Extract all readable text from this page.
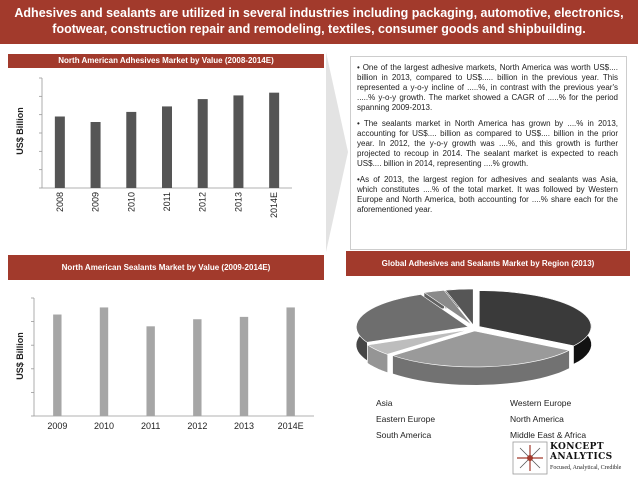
Adhesives and sealants are utilized in several industries including packaging, automotive, electronics,
footwear, construction repair and remodeling, textiles, consumer goods and shipbuilding.
North American Adhesives Market by Value (2008-2014E)
US$ Billion
2008	2009	2010	2011	2012	2013	2014E

• One of the largest adhesive markets, North America was worth US$.... billion in 2013, compared to US$..... billion in the previous year. This represented a y-o-y incline of .....%, in contrast with the previous year's .....% y-o-y growth. The market showed a CAGR of .....% for the period spanning 2009-2013.

• The sealants market in North America has grown by ....% in 2013, accounting for US$.... billion as compared to US$.... billion in the prior year. In 2012, the y-o-y growth was ....%, and this growth is further projected to recoup in 2014. The sealant market is expected to reach US$.... billion in 2014, representing ....% growth.

•As of 2013, the largest region for adhesives and sealants was Asia, which constitutes ....% of the total market. It was followed by Western Europe and North America, both accounting for ....% share each for the aforementioned year.

North American Sealants Market by Value (2009-2014E)
US$ Billion
2009	2010	2011	2012	2013	2014E
Global Adhesives and Sealants Market by Region (2013)
Asia	Western Europe
Eastern Europe	North America
South America	Middle East & Africa
KONCEPT
ANALYTICS
Focused, Analytical, Credible
